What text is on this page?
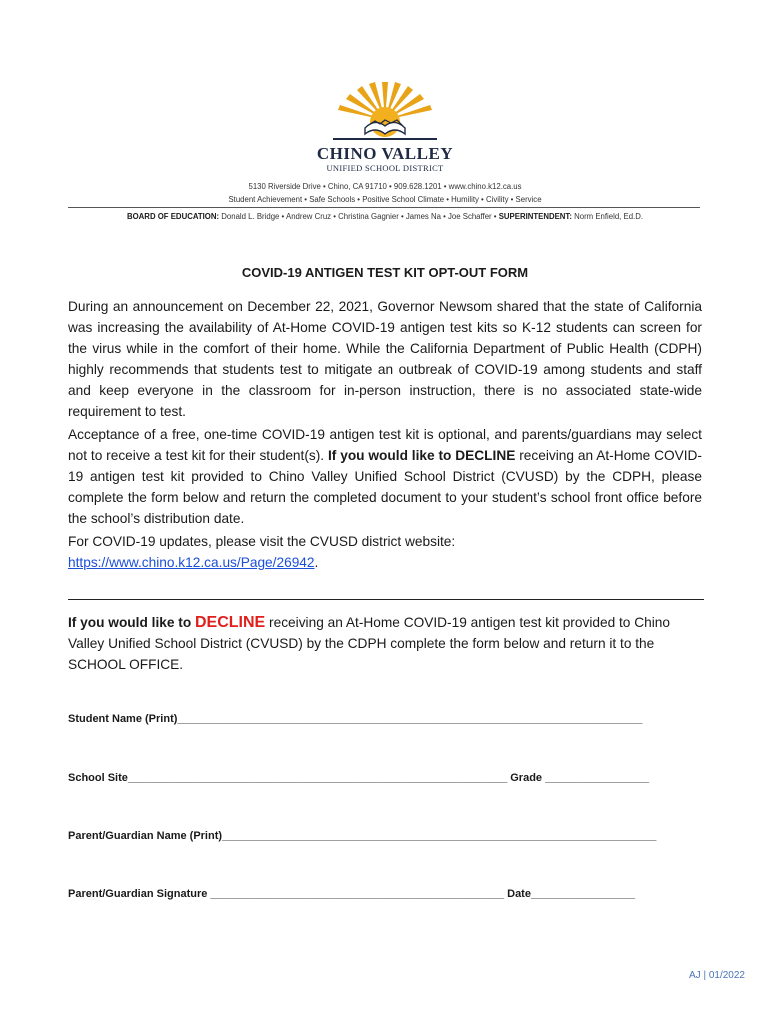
CHINO VALLEY
UNIFIED SCHOOL DISTRICT
5130 Riverside Drive • Chino, CA 91710 • 909.628.1201 • www.chino.k12.ca.us
Student Achievement • Safe Schools • Positive School Climate • Humility • Civility • Service
BOARD OF EDUCATION: Donald L. Bridge • Andrew Cruz • Christina Gagnier • James Na • Joe Schaffer • SUPERINTENDENT: Norm Enfield, Ed.D.
COVID-19 ANTIGEN TEST KIT OPT-OUT FORM
During an announcement on December 22, 2021, Governor Newsom shared that the state of California was increasing the availability of At-Home COVID-19 antigen test kits so K-12 students can screen for the virus while in the comfort of their home. While the California Department of Public Health (CDPH) highly recommends that students test to mitigate an outbreak of COVID-19 among students and staff and keep everyone in the classroom for in-person instruction, there is no associated state-wide requirement to test.
Acceptance of a free, one-time COVID-19 antigen test kit is optional, and parents/guardians may select not to receive a test kit for their student(s). If you would like to DECLINE receiving an At-Home COVID-19 antigen test kit provided to Chino Valley Unified School District (CVUSD) by the CDPH, please complete the form below and return the completed document to your student’s school front office before the school’s distribution date.
For COVID-19 updates, please visit the CVUSD district website:
https://www.chino.k12.ca.us/Page/26942.
If you would like to DECLINE receiving an At-Home COVID-19 antigen test kit provided to Chino Valley Unified School District (CVUSD) by the CDPH complete the form below and return it to the SCHOOL OFFICE.
Student Name (Print)____________________________________________________________________________
School Site______________________________________________________________ Grade _________________
Parent/Guardian Name (Print)_______________________________________________________________________
Parent/Guardian Signature ________________________________________________ Date_________________
AJ | 01/2022
